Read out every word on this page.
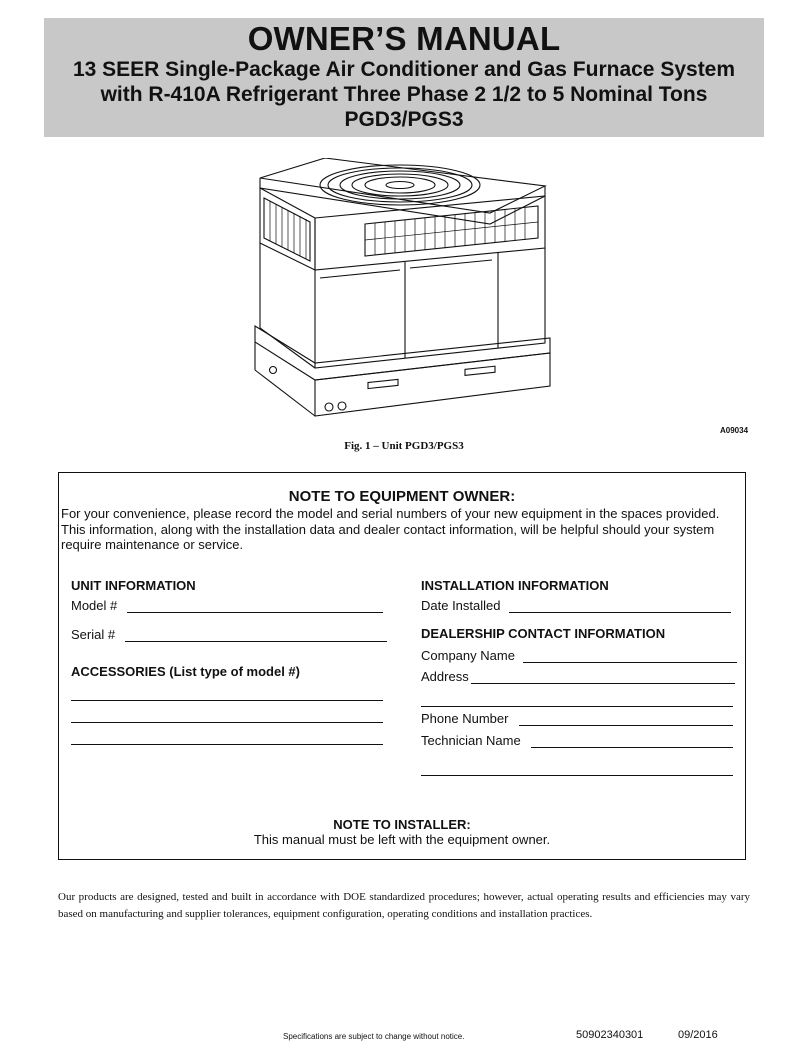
OWNER’S MANUAL
13 SEER Single-Package Air Conditioner and Gas Furnace System
with R-410A Refrigerant Three Phase 2 1/2 to 5 Nominal Tons
PGD3/PGS3
A09034
Fig. 1 – Unit PGD3/PGS3
NOTE TO EQUIPMENT OWNER:
For your convenience, please record the model and serial numbers of your new equipment in the spaces provided. This information, along with the installation data and dealer contact information, will be helpful should your system require maintenance or service.
UNIT INFORMATION
Model #
Serial #
ACCESSORIES (List type of model #)
INSTALLATION INFORMATION
Date Installed
DEALERSHIP CONTACT INFORMATION
Company Name
Address
Phone Number
Technician Name
NOTE TO INSTALLER:
This manual must be left with the equipment owner.
Our products are designed, tested and built in accordance with DOE standardized procedures; however, actual operating results and efficiencies may vary based on manufacturing and supplier tolerances, equipment configuration, operating conditions and installation practices.
Specifications are subject to change without notice.	50902340301	09/2016
